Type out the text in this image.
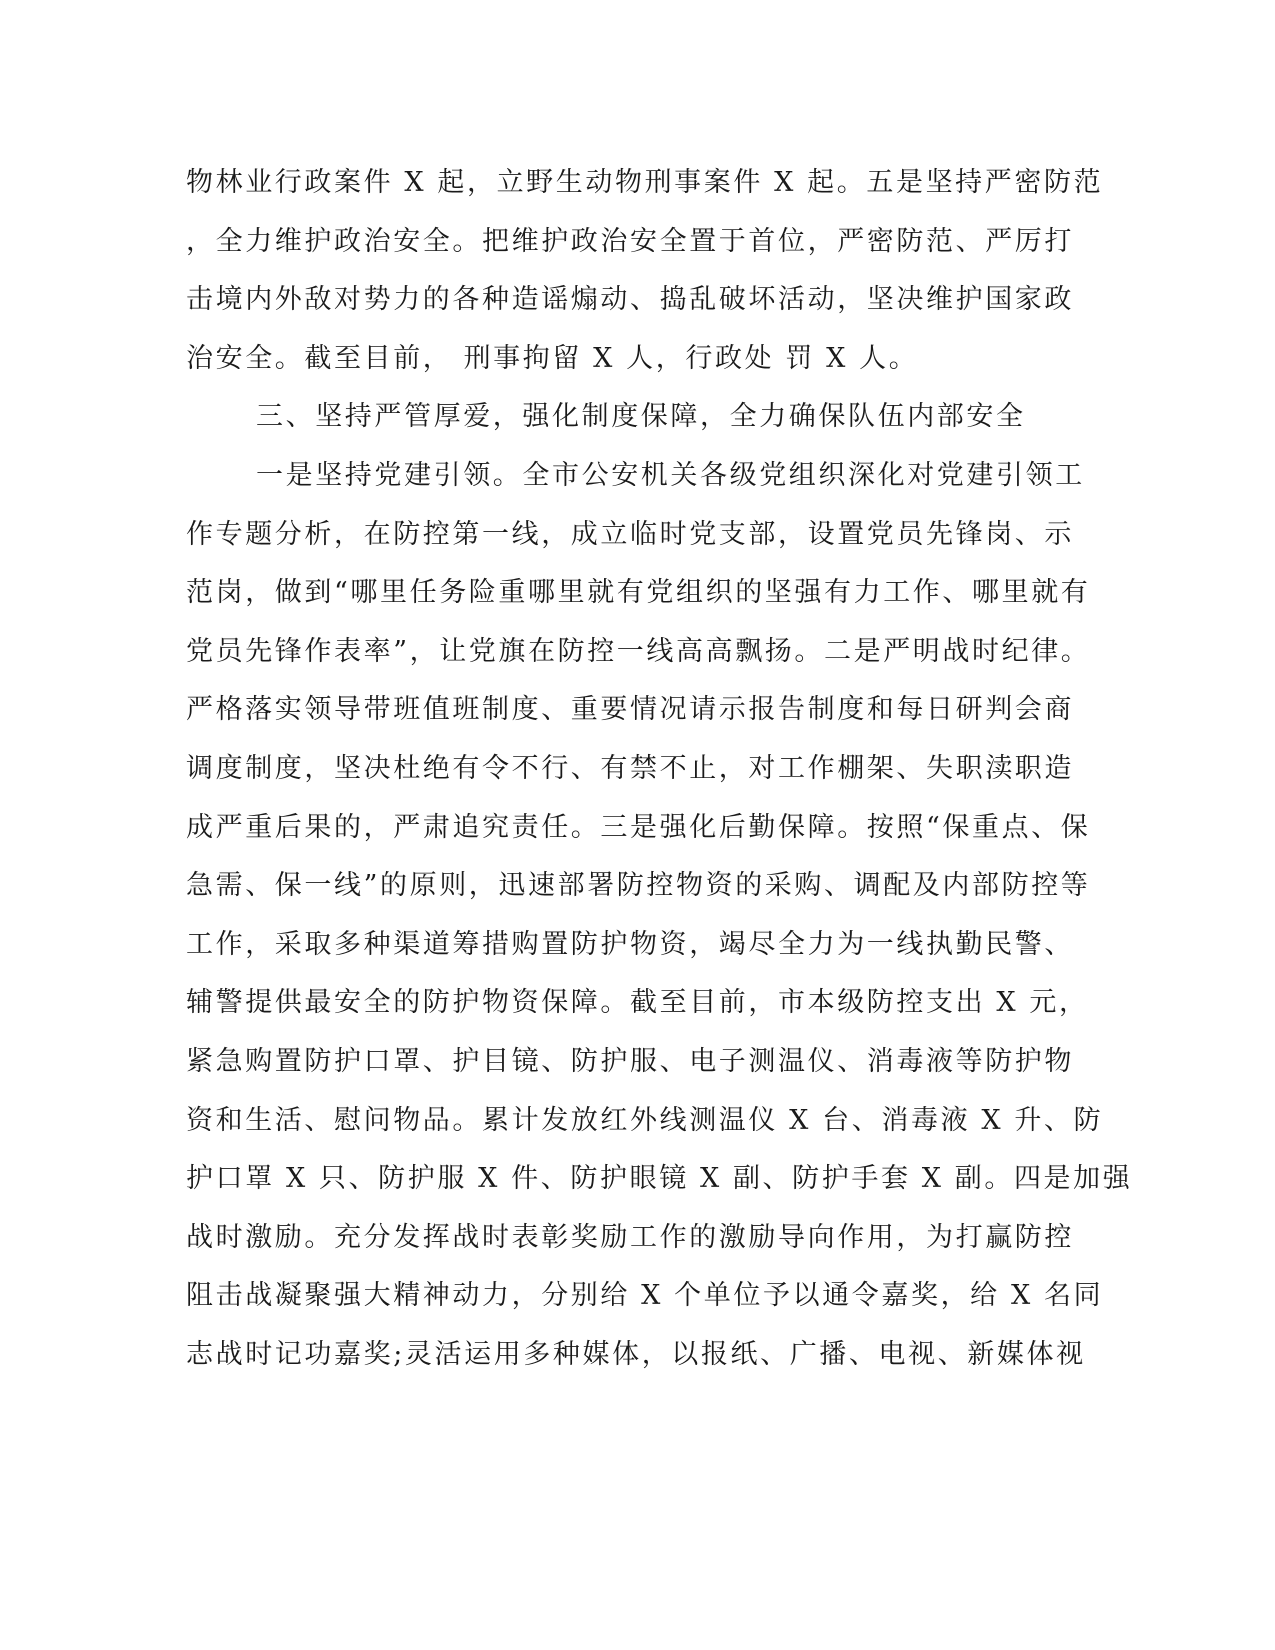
物林业行政案件 X 起，立野生动物刑事案件 X 起。五是坚持严密防范
，全力维护政治安全。把维护政治安全置于首位，严密防范、严厉打
击境内外敌对势力的各种造谣煽动、捣乱破坏活动，坚决维护国家政
治安全。截至目前， 刑事拘留 X 人，行政处 罚 X 人。
三、坚持严管厚爱，强化制度保障，全力确保队伍内部安全
一是坚持党建引领。全市公安机关各级党组织深化对党建引领工
作专题分析，在防控第一线，成立临时党支部，设置党员先锋岗、示
范岗，做到“哪里任务险重哪里就有党组织的坚强有力工作、哪里就有
党员先锋作表率”，让党旗在防控一线高高飘扬。二是严明战时纪律。
严格落实领导带班值班制度、重要情况请示报告制度和每日研判会商
调度制度，坚决杜绝有令不行、有禁不止，对工作棚架、失职渎职造
成严重后果的，严肃追究责任。三是强化后勤保障。按照“保重点、保
急需、保一线”的原则，迅速部署防控物资的采购、调配及内部防控等
工作，采取多种渠道筹措购置防护物资，竭尽全力为一线执勤民警、
辅警提供最安全的防护物资保障。截至目前，市本级防控支出 X 元，
紧急购置防护口罩、护目镜、防护服、电子测温仪、消毒液等防护物
资和生活、慰问物品。累计发放红外线测温仪 X 台、消毒液 X 升、防
护口罩 X 只、防护服 X 件、防护眼镜 X 副、防护手套 X 副。四是加强
战时激励。充分发挥战时表彰奖励工作的激励导向作用，为打赢防控
阻击战凝聚强大精神动力，分别给 X 个单位予以通令嘉奖，给 X 名同
志战时记功嘉奖;灵活运用多种媒体，以报纸、广播、电视、新媒体视
